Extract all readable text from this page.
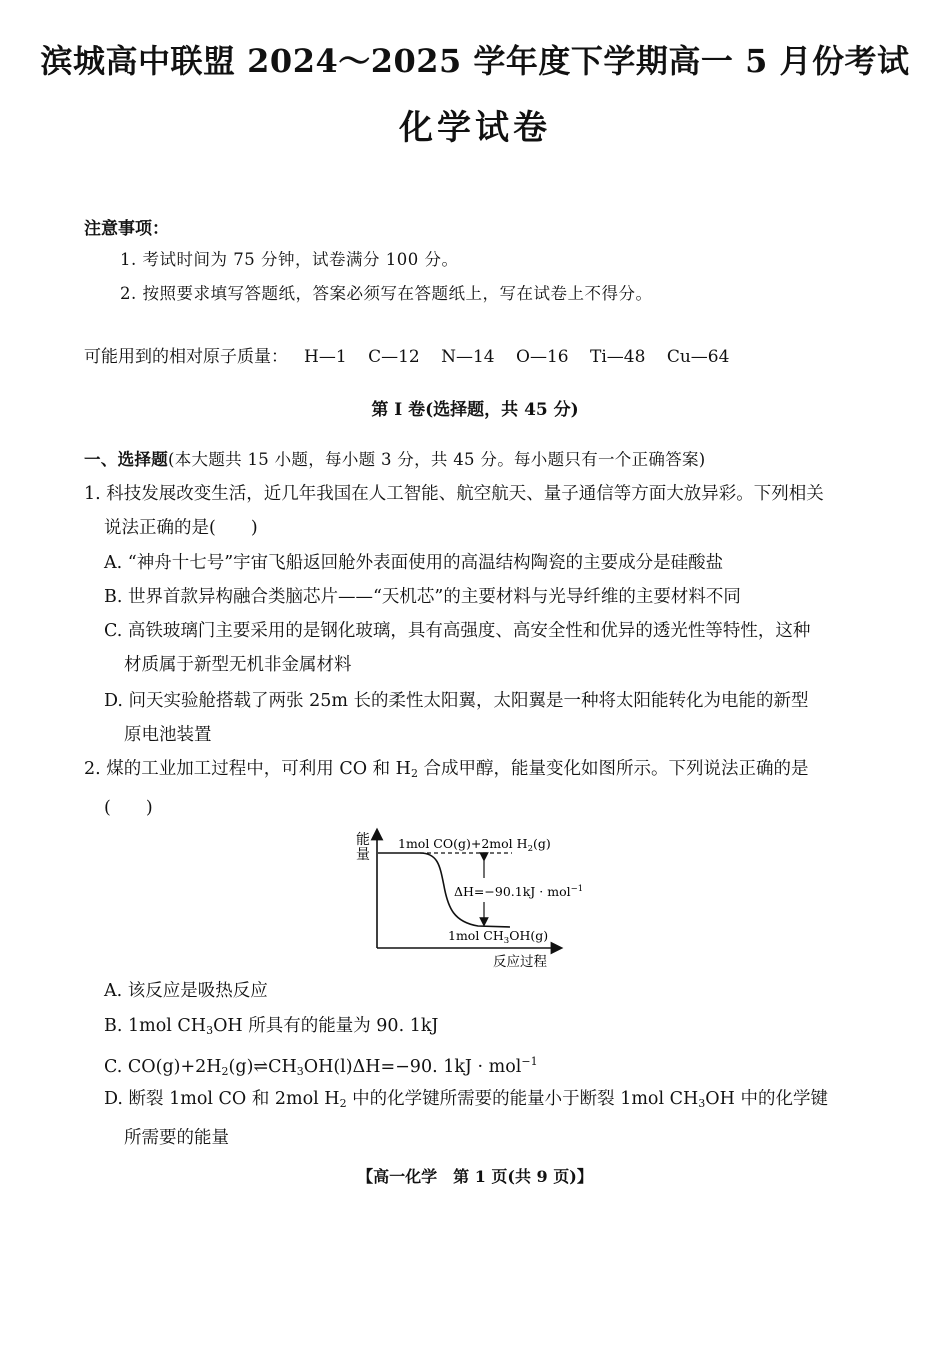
滨城高中联盟 2024～2025 学年度下学期高一 5 月份考试
化学试卷
注意事项：
1. 考试时间为 75 分钟，试卷满分 100 分。
2. 按照要求填写答题纸，答案必须写在答题纸上，写在试卷上不得分。
可能用到的相对原子质量： H—1 C—12 N—14 O—16 Ti—48 Cu—64
第 Ⅰ 卷(选择题，共 45 分)
一、选择题(本大题共 15 小题，每小题 3 分，共 45 分。每小题只有一个正确答案)
1. 科技发展改变生活，近几年我国在人工智能、航空航天、量子通信等方面大放异彩。下列相关

说法正确的是(　　)
A. “神舟十七号”宇宙飞船返回舱外表面使用的高温结构陶瓷的主要成分是硅酸盐
B. 世界首款异构融合类脑芯片——“天机芯”的主要材料与光导纤维的主要材料不同
C. 高铁玻璃门主要采用的是钢化玻璃，具有高强度、高安全性和优异的透光性等特性，这种

材质属于新型无机非金属材料
D. 问天实验舱搭载了两张 25m 长的柔性太阳翼，太阳翼是一种将太阳能转化为电能的新型

原电池装置
2. 煤的工业加工过程中，可利用 CO 和 $H_2$ 合成甲醇，能量变化如图所示。下列说法正确的是

(　　)
能
量
1mol CO(g)+2mol $H_2(g)$
ΔH=−90.1kJ · mol$^{-1}$
1mol $CH_3OH(g)$
反应过程
A. 该反应是吸热反应
B. 1mol $CH_3OH$ 所具有的能量为 90. 1kJ
C. $CO(g)+2H_2(g)\rightleftharpoons CH_3OH(l)\Delta H=-90$. 1kJ · mol$^{-1}$
D. 断裂 1mol CO 和 2mol $H_2$ 中的化学键所需要的能量小于断裂 1mol $CH_3OH$ 中的化学键

所需要的能量
【高一化学　第 1 页(共 9 页)】
